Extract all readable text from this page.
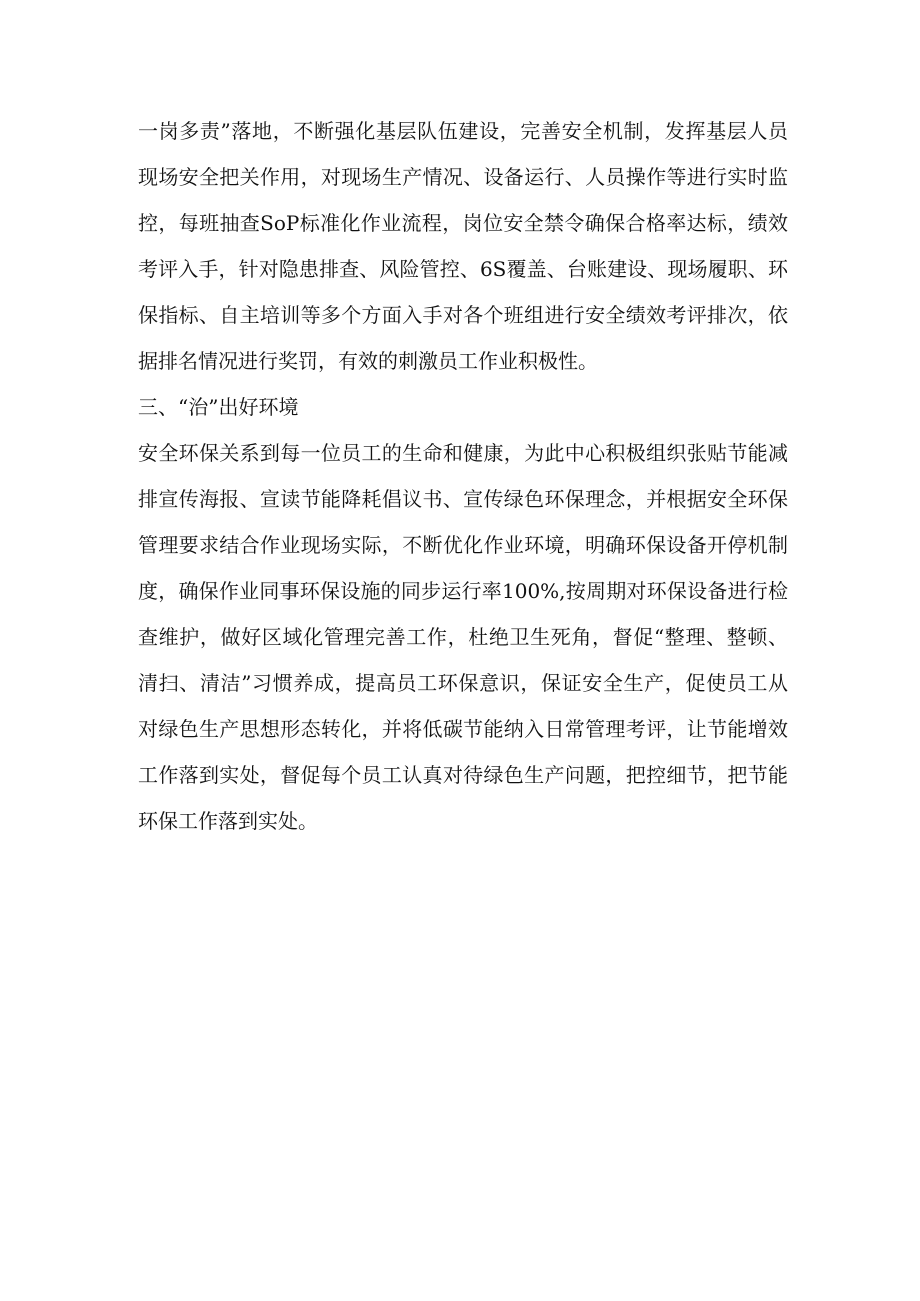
一岗多责”落地，不断强化基层队伍建设，完善安全机制，发挥基层人员
现场安全把关作用，对现场生产情况、设备运行、人员操作等进行实时监
控，每班抽查SoP标准化作业流程，岗位安全禁令确保合格率达标，绩效
考评入手，针对隐患排查、风险管控、6S覆盖、台账建设、现场履职、环
保指标、自主培训等多个方面入手对各个班组进行安全绩效考评排次，依
据排名情况进行奖罚，有效的刺激员工作业积极性。
三、“治”出好环境
安全环保关系到每一位员工的生命和健康，为此中心积极组织张贴节能减
排宣传海报、宣读节能降耗倡议书、宣传绿色环保理念，并根据安全环保
管理要求结合作业现场实际，不断优化作业环境，明确环保设备开停机制
度，确保作业同事环保设施的同步运行率100%,按周期对环保设备进行检
查维护，做好区域化管理完善工作，杜绝卫生死角，督促“整理、整顿、
清扫、清洁”习惯养成，提高员工环保意识，保证安全生产，促使员工从
对绿色生产思想形态转化，并将低碳节能纳入日常管理考评，让节能增效
工作落到实处，督促每个员工认真对待绿色生产问题，把控细节，把节能
环保工作落到实处。
